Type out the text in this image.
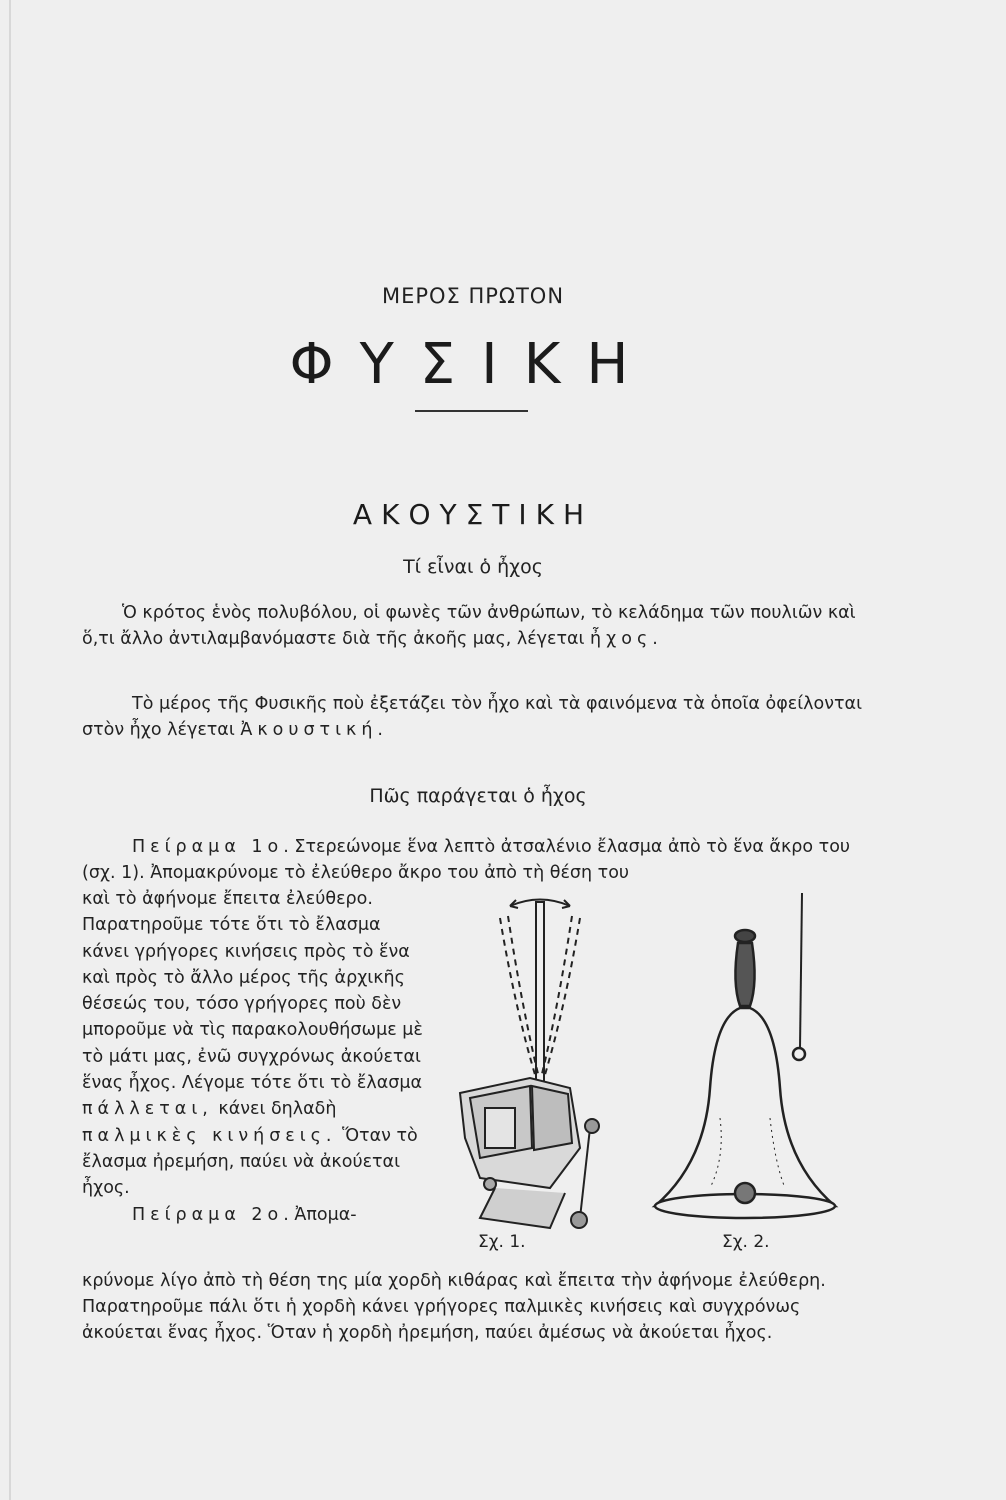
ΜΕΡΟΣ ΠΡΩΤΟΝ
ΦΥΣΙΚΗ
ΑΚΟΥΣΤΙΚΗ
Τί εἶναι ὁ ἦχος
Ὁ κρότος ἑνὸς πολυβόλου, οἱ φωνὲς τῶν ἀνθρώπων, τὸ κελάδημα τῶν πουλιῶν καὶ ὅ,τι ἄλλο ἀντιλαμβανόμαστε διὰ τῆς ἀκοῆς μας, λέγεται ἦχος.
Τὸ μέρος τῆς Φυσικῆς ποὺ ἐξετάζει τὸν ἦχο καὶ τὰ φαινόμενα τὰ ὁποῖα ὀφείλονται στὸν ἦχο λέγεται Ἀκουστική.
Πῶς παράγεται ὁ ἦχος
Πείραμα 1ο. Στερεώνομε ἕνα λεπτὸ ἀτσαλένιο ἔλασμα ἀπὸ τὸ ἕνα ἄκρο του (σχ. 1). Ἀπομακρύνομε τὸ ἐλεύθερο ἄκρο του ἀπὸ τὴ θέση του
καὶ τὸ ἀφήνομε ἔπειτα ἐλεύθερο. Παρατηροῦμε τότε ὅτι τὸ ἔλασμα κάνει γρήγορες κινήσεις πρὸς τὸ ἕνα καὶ πρὸς τὸ ἄλλο μέρος τῆς ἀρχικῆς θέσεώς του, τόσο γρήγορες ποὺ δὲν μποροῦμε νὰ τὶς παρακολουθήσωμε μὲ τὸ μάτι μας, ἐνῶ συγχρόνως ἀκούεται ἕνας ἦχος. Λέγομε τότε ὅτι τὸ ἔλασμα πάλλεται, κάνει δηλαδὴ παλμικὲς κινήσεις. Ὅταν τὸ ἔλασμα ἠρεμήση, παύει νὰ ἀκούεται ἦχος.
Πείραμα 2ο. Ἀπομα-
κρύνομε λίγο ἀπὸ τὴ θέση της μία χορδὴ κιθάρας καὶ ἔπειτα τὴν ἀφήνομε ἐλεύθερη. Παρατηροῦμε πάλι ὅτι ἡ χορδὴ κάνει γρήγορες παλμικὲς κινήσεις καὶ συγχρόνως ἀκούεται ἕνας ἦχος. Ὅταν ἡ χορδὴ ἠρεμήση, παύει ἀμέσως νὰ ἀκούεται ἦχος.
Σχ. 1.	Σχ. 2.
